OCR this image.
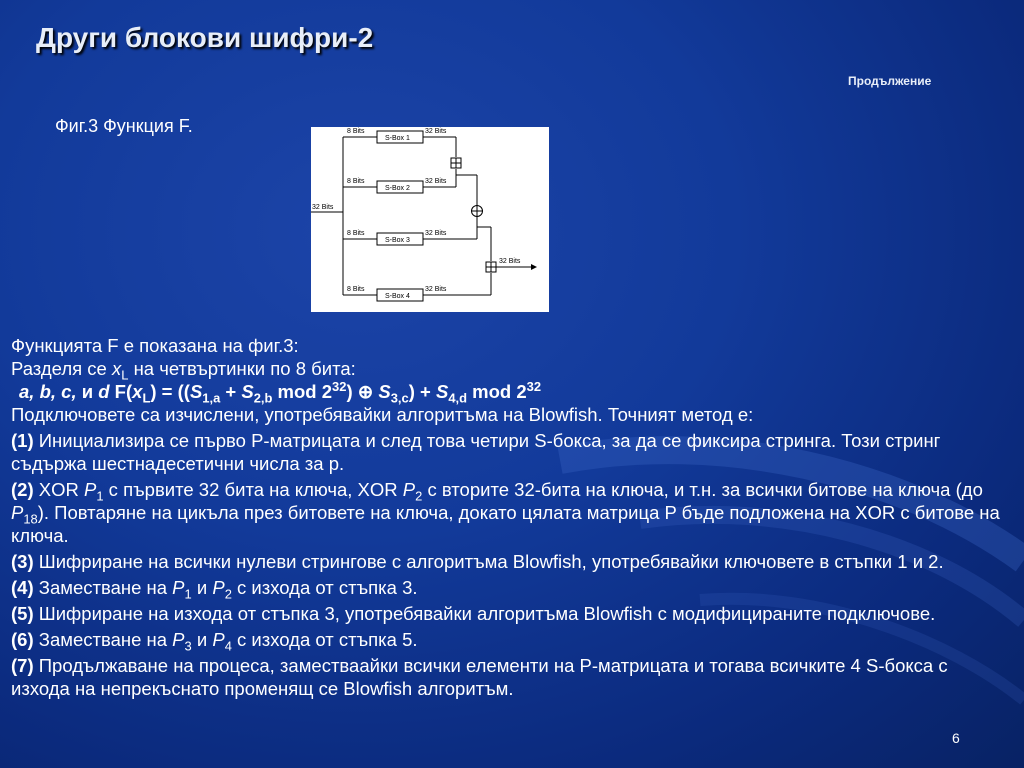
Други блокови шифри-2
Продължение
Фиг.3 Функция F.
32 Bits
8 Bits
S-Box 1
32 Bits
8 Bits
S-Box 2
32 Bits
8 Bits
S-Box 3
32 Bits
8 Bits
S-Box 4
32 Bits
32 Bits

Функцията F е показана на фиг.3:

Разделя се $x_L$ на четвъртинки по 8 бита:

a, b, c, и d $F(x_L) = ((S_{1,a} + S_{2,b}$ mod $2^{32}$) ⊕ $S_{3,c}) + S_{4,d}$ mod $2^{32}$

Подключовете са изчислени, употребявайки алгоритъма на Blowfish. Точният метод е:

(1) Инициализира се първо P-матрицата и след това четири S-бокса, за да се фиксира стринга. Този стринг съдържа шестнадесетични числа за p.

(2) XOR $P_1$ с първите 32 бита на ключа, XOR $P_2$ с вторите 32-бита на ключа, и т.н. за всички битове на ключа (до $P_{18}$). Повтаряне на цикъла през битовете на ключа, докато цялата матрица P бъде подложена на XOR с битове на ключа.

(3) Шифриране на всички нулеви стрингове с алгоритъма Blowfish, употребявайки ключовете в стъпки 1 и 2.

(4) Заместване на $P_1$ и $P_2$ с изхода от стъпка 3.

(5) Шифриране на изхода от стъпка 3, употребявайки алгоритъма Blowfish с модифицираните подключове.

(6) Заместване на $P_3$ и $P_4$ с изхода от стъпка 5.

(7) Продължаване на процеса, заместваайки всички елементи на P-матрицата и тогава всичките 4 S-бокса с изхода на непрекъснато променящ се Blowfish алгоритъм.

6
